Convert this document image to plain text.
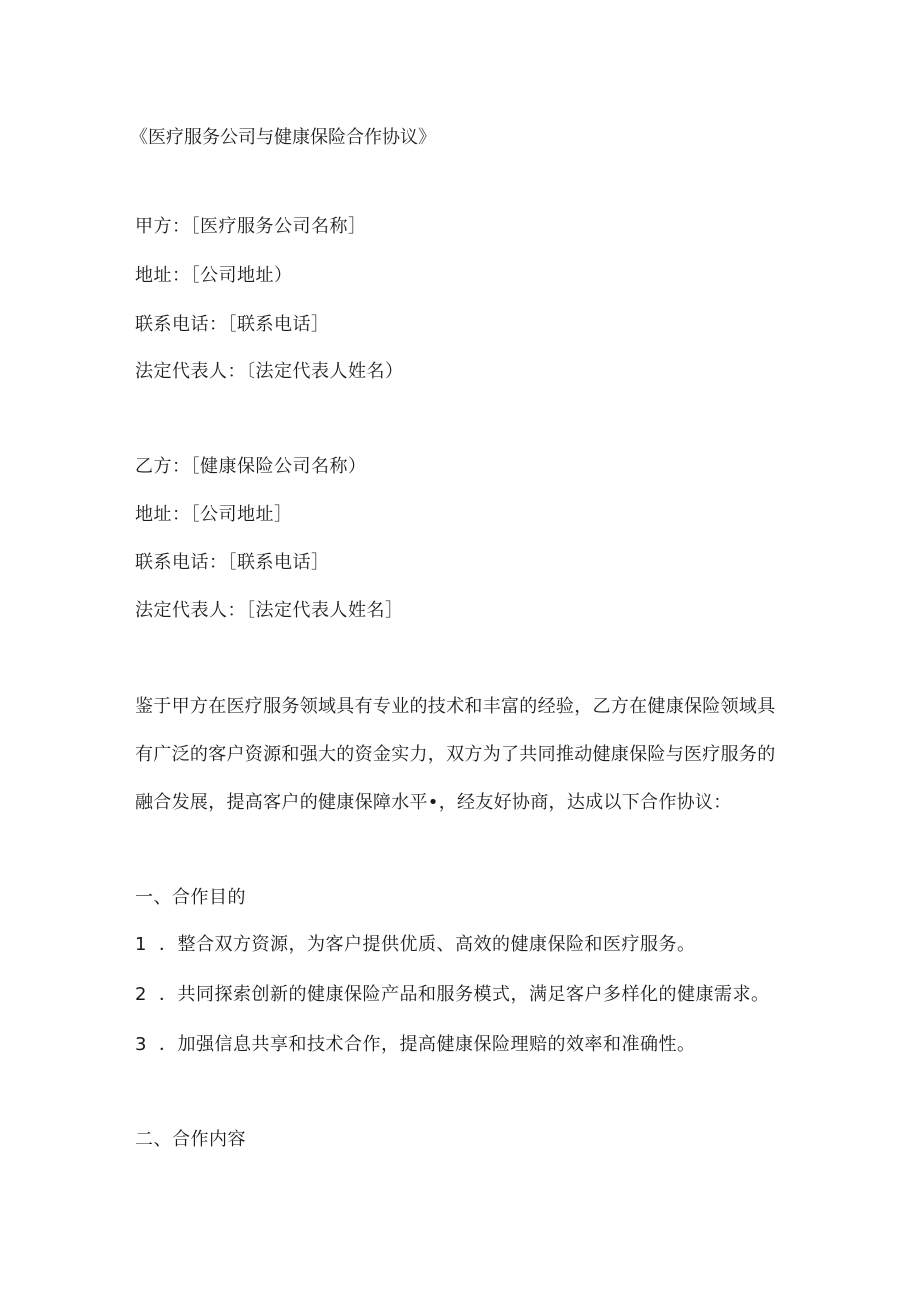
《医疗服务公司与健康保险合作协议》
甲方：［医疗服务公司名称］
地址：［公司地址）
联系电话：［联系电话］
法定代表人：〔法定代表人姓名）
乙方：［健康保险公司名称）
地址：［公司地址］
联系电话：［联系电话］
法定代表人：［法定代表人姓名］
鉴于甲方在医疗服务领域具有专业的技术和丰富的经验，乙方在健康保险领域具
有广泛的客户资源和强大的资金实力，双方为了共同推动健康保险与医疗服务的
融合发展，提高客户的健康保障水平•，经友好协商，达成以下合作协议：
一、合作目的
1 ．整合双方资源，为客户提供优质、高效的健康保险和医疗服务。
2 ．共同探索创新的健康保险产品和服务模式，满足客户多样化的健康需求。
3 ．加强信息共享和技术合作，提高健康保险理赔的效率和准确性。
二、合作内容
